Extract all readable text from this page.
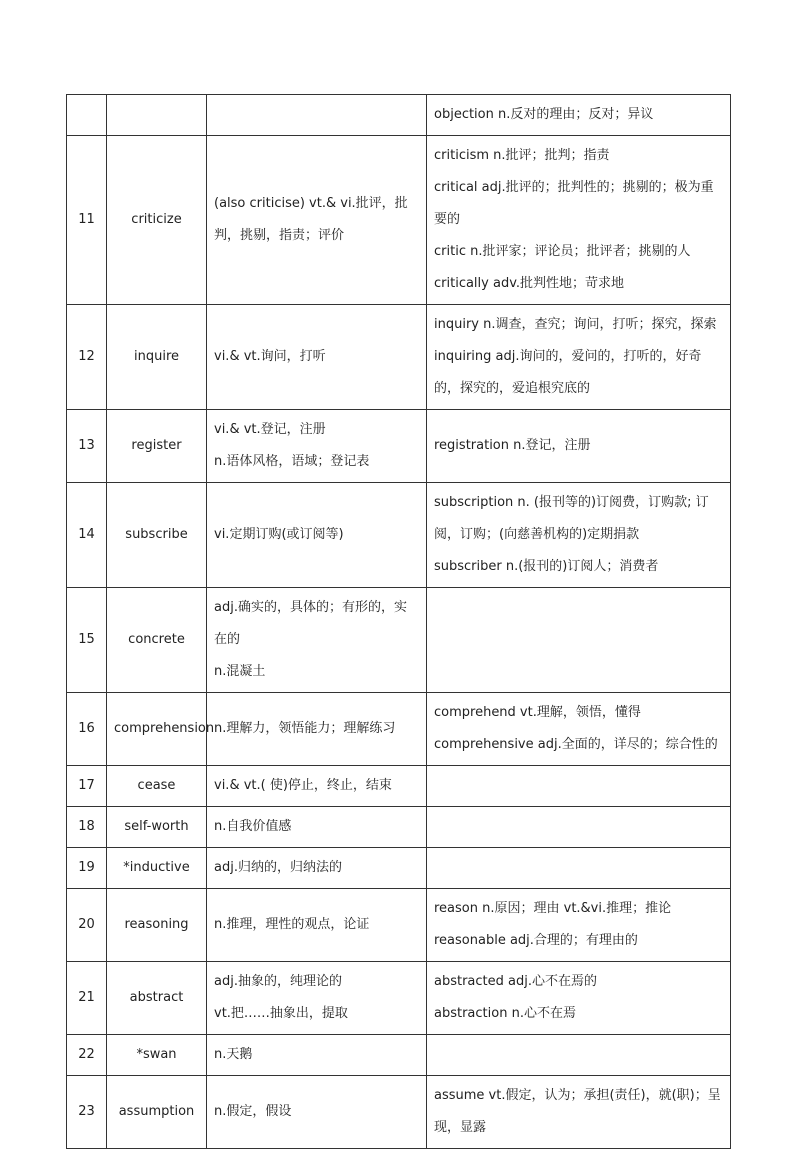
			objection n.反对的理由；反对；异议

11	criticize	(also criticise) vt.& vi.批评，批判，挑剔，指责；评价	criticism n.批评；批判；指责
critical adj.批评的；批判性的；挑剔的；极为重要的
critic n.批评家；评论员；批评者；挑剔的人
critically adv.批判性地；苛求地

12	inquire	vi.& vt.询问，打听	inquiry n.调查，查究；询问，打听；探究，探索
inquiring adj.询问的，爱问的，打听的，好奇的，探究的，爱追根究底的

13	register	vi.& vt.登记，注册
n.语体风格，语域；登记表	registration n.登记，注册

14	subscribe	vi.定期订购(或订阅等)	subscription n. (报刊等的)订阅费，订购款; 订阅，订购；(向慈善机构的)定期捐款
subscriber n.(报刊的)订阅人；消费者

15	concrete	adj.确实的，具体的；有形的，实在的
n.混凝土	

16	comprehension	n.理解力，领悟能力；理解练习	comprehend vt.理解，领悟，懂得
comprehensive adj.全面的，详尽的；综合性的

17	cease	vi.& vt.( 使)停止，终止，结束	

18	self-worth	n.自我价值感	

19	*inductive	adj.归纳的，归纳法的	

20	reasoning	n.推理，理性的观点，论证	reason n.原因；理由 vt.&vi.推理；推论
reasonable adj.合理的；有理由的

21	abstract	adj.抽象的，纯理论的
vt.把……抽象出，提取	abstracted adj.心不在焉的
abstraction n.心不在焉

22	*swan	n.天鹅	

23	assumption	n.假定，假设	assume vt.假定，认为；承担(责任)，就(职)；呈现，显露
